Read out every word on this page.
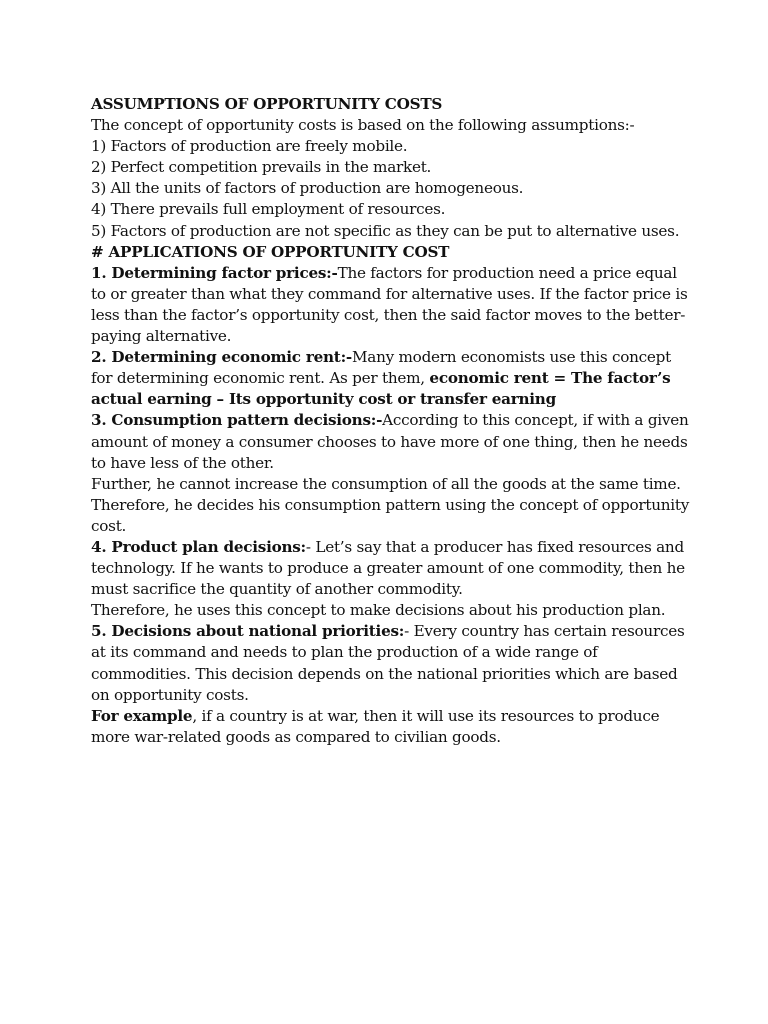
ASSUMPTIONS OF OPPORTUNITY COSTS

The concept of opportunity costs is based on the following assumptions:-

1) Factors of production are freely mobile.

2) Perfect competition prevails in the market.

3) All the units of factors of production are homogeneous.

4) There prevails full employment of resources.

5) Factors of production are not specific as they can be put to alternative uses.

# APPLICATIONS OF OPPORTUNITY COST

1. Determining factor prices:-The factors for production need a price equal to or greater than what they command for alternative uses. If the factor price is less than the factor’s opportunity cost, then the said factor moves to the better-paying alternative.

2. Determining economic rent:-Many modern economists use this concept for determining economic rent. As per them, economic rent = The factor’s actual earning – Its opportunity cost or transfer earning

3. Consumption pattern decisions:-According to this concept, if with a given amount of money a consumer chooses to have more of one thing, then he needs to have less of the other.

Further, he cannot increase the consumption of all the goods at the same time. Therefore, he decides his consumption pattern using the concept of opportunity cost.

4. Product plan decisions:- Let’s say that a producer has fixed resources and technology. If he wants to produce a greater amount of one commodity, then he must sacrifice the quantity of another commodity.

Therefore, he uses this concept to make decisions about his production plan.

5. Decisions about national priorities:- Every country has certain resources at its command and needs to plan the production of a wide range of commodities. This decision depends on the national priorities which are based on opportunity costs.

For example, if a country is at war, then it will use its resources to produce more war-related goods as compared to civilian goods.
